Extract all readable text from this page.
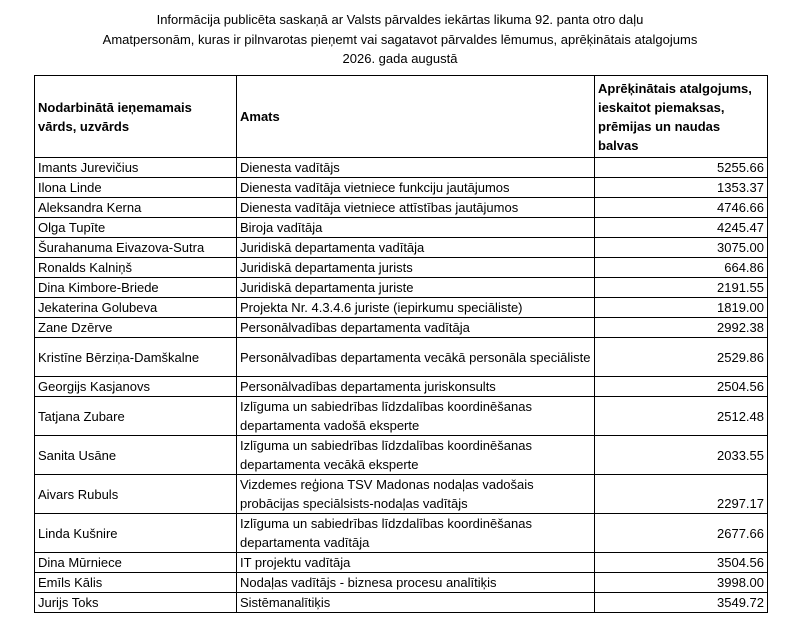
Informācija publicēta saskaņā ar Valsts pārvaldes iekārtas likuma 92. panta otro daļu
Amatpersonām, kuras ir pilnvarotas pieņemt vai sagatavot pārvaldes lēmumus, aprēķinātais atalgojums
2026. gada augustā
Nodarbinātā ieņemamais vārds, uzvārds	Amats	Aprēķinātais atalgojums,
ieskaitot piemaksas,
prēmijas un naudas balvas

Imants Jurevičius	Dienesta vadītājs	5255.66
Ilona Linde	Dienesta vadītāja vietniece funkciju jautājumos	1353.37
Aleksandra Kerna	Dienesta vadītāja vietniece attīstības jautājumos	4746.66
Olga Tupīte	Biroja vadītāja	4245.47
Šurahanuma Eivazova-Sutra	Juridiskā departamenta vadītāja	3075.00
Ronalds Kalniņš	Juridiskā departamenta jurists	664.86
Dina Kimbore-Briede	Juridiskā departamenta juriste	2191.55
Jekaterina Golubeva	Projekta Nr. 4.3.4.6 juriste (iepirkumu speciāliste)	1819.00
Zane Dzērve	Personālvadības departamenta vadītāja	2992.38
Kristīne Bērziņa-Damškalne	Personālvadības departamenta vecākā personāla speciāliste	2529.86
Georgijs Kasjanovs	Personālvadības departamenta juriskonsults	2504.56
Tatjana Zubare	Izlīguma un sabiedrības līdzdalības koordinēšanas departamenta vadošā eksperte	2512.48
Sanita Usāne	Izlīguma un sabiedrības līdzdalības koordinēšanas departamenta vecākā eksperte	2033.55
Aivars Rubuls	Vizdemes reģiona TSV Madonas nodaļas vadošais probācijas speciālsists-nodaļas vadītājs	2297.17
Linda Kušnire	Izlīguma un sabiedrības līdzdalības koordinēšanas departamenta vadītāja	2677.66
Dina Mūrniece	IT projektu vadītāja	3504.56
Emīls Kālis	Nodaļas vadītājs - biznesa procesu analītiķis	3998.00
Jurijs Toks	Sistēmanalītiķis	3549.72
